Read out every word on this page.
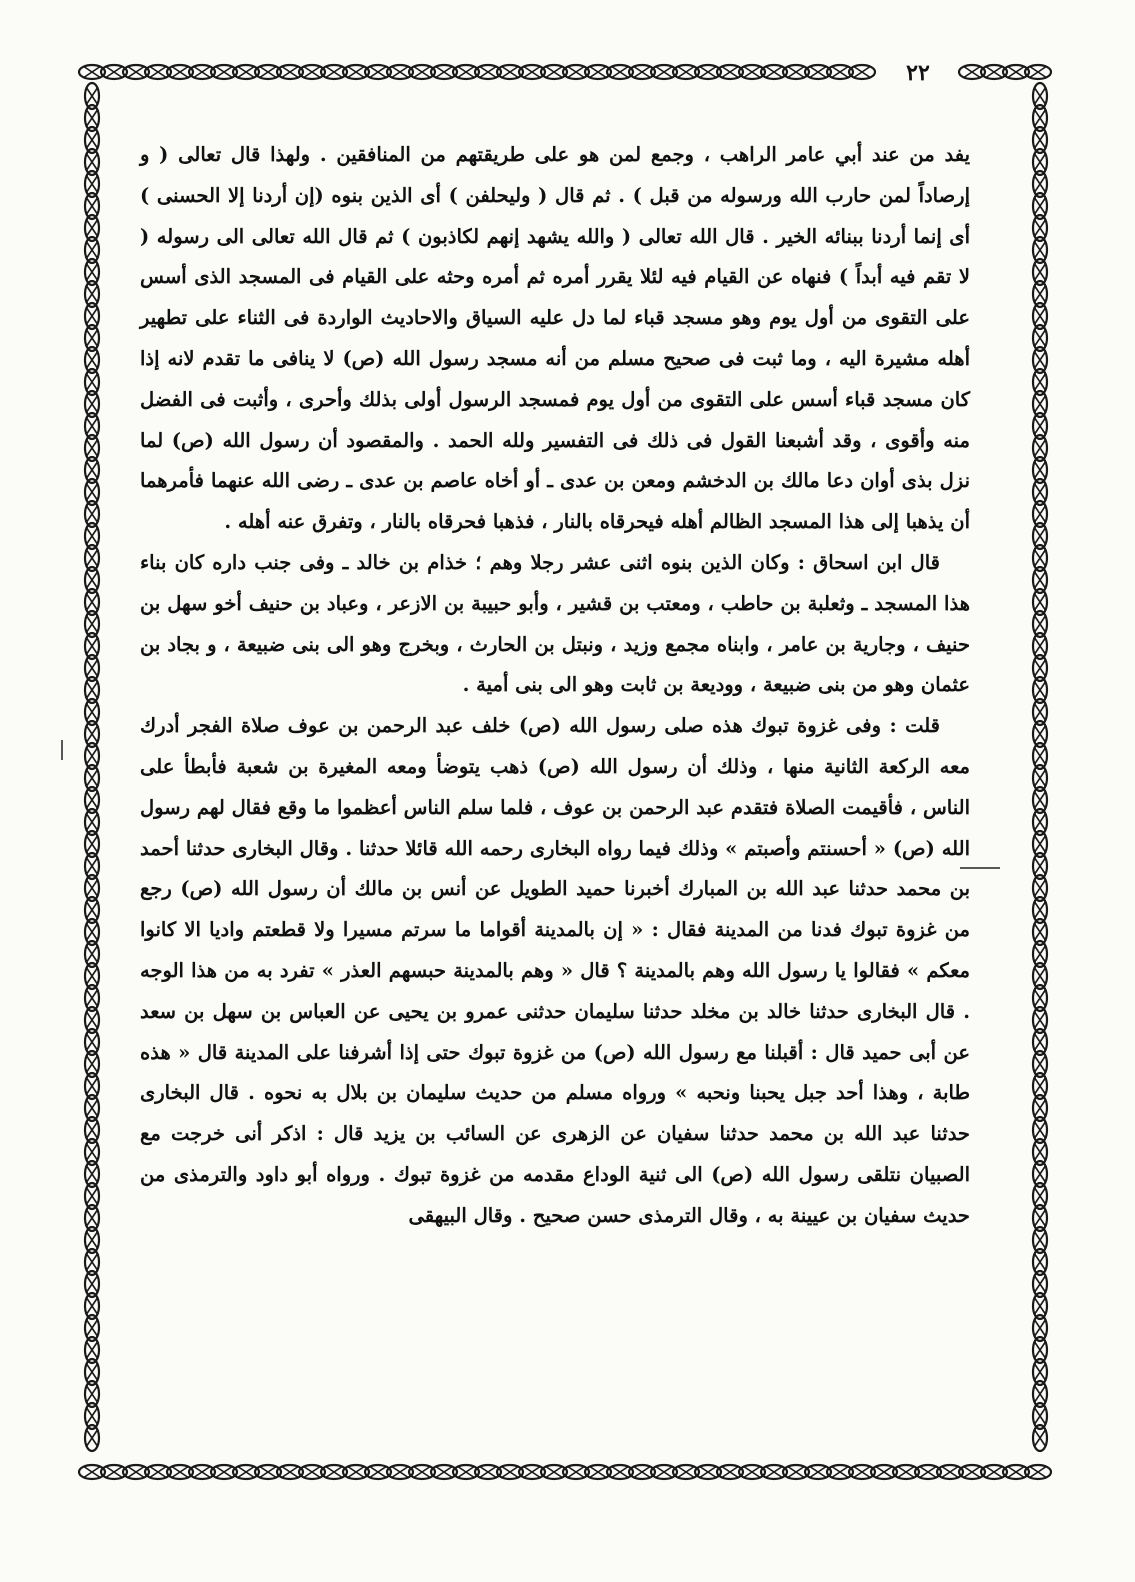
٢٢

يفد من عند أبي عامر الراهب ، وجمع لمن هو على طريقتهم من المنافقين . ولهذا قال تعالى ( و إرصاداً لمن حارب الله ورسوله من قبل ) . ثم قال ( وليحلفن ) أى الذين بنوه (إن أردنا إلا الحسنى ) أى إنما أردنا ببنائه الخير . قال الله تعالى ( والله يشهد إنهم لكاذبون ) ثم قال الله تعالى الى رسوله ( لا تقم فيه أبداً ) فنهاه عن القيام فيه لئلا يقرر أمره ثم أمره وحثه على القيام فى المسجد الذى أسس على التقوى من أول يوم وهو مسجد قباء لما دل عليه السياق والاحاديث الواردة فى الثناء على تطهير أهله مشيرة اليه ، وما ثبت فى صحيح مسلم من أنه مسجد رسول الله (ص) لا ينافى ما تقدم لانه إذا كان مسجد قباء أسس على التقوى من أول يوم فمسجد الرسول أولى بذلك وأحرى ، وأثبت فى الفضل منه وأقوى ، وقد أشبعنا القول فى ذلك فى التفسير ولله الحمد . والمقصود أن رسول الله (ص) لما نزل بذى أوان دعا مالك بن الدخشم ومعن بن عدى ـ أو أخاه عاصم بن عدى ـ رضى الله عنهما فأمرهما أن يذهبا إلى هذا المسجد الظالم أهله فيحرقاه بالنار ، فذهبا فحرقاه بالنار ، وتفرق عنه أهله .

قال ابن اسحاق : وكان الذين بنوه اثنى عشر رجلا وهم ؛ خذام بن خالد ـ وفى جنب داره كان بناء هذا المسجد ـ وثعلبة بن حاطب ، ومعتب بن قشير ، وأبو حبيبة بن الازعر ، وعباد بن حنيف أخو سهل بن حنيف ، وجارية بن عامر ، وابناه مجمع وزيد ، ونبتل بن الحارث ، وبخرج وهو الى بنى ضبيعة ، و بجاد بن عثمان وهو من بنى ضبيعة ، ووديعة بن ثابت وهو الى بنى أمية .

قلت : وفى غزوة تبوك هذه صلى رسول الله (ص) خلف عبد الرحمن بن عوف صلاة الفجر أدرك معه الركعة الثانية منها ، وذلك أن رسول الله (ص) ذهب يتوضأ ومعه المغيرة بن شعبة فأبطأ على الناس ، فأقيمت الصلاة فتقدم عبد الرحمن بن عوف ، فلما سلم الناس أعظموا ما وقع فقال لهم رسول الله (ص) « أحسنتم وأصبتم » وذلك فيما رواه البخارى رحمه الله قائلا حدثنا . وقال البخارى حدثنا أحمد بن محمد حدثنا عبد الله بن المبارك أخبرنا حميد الطويل عن أنس بن مالك أن رسول الله (ص) رجع من غزوة تبوك فدنا من المدينة فقال : « إن بالمدينة أقواما ما سرتم مسيرا ولا قطعتم واديا الا كانوا معكم » فقالوا يا رسول الله وهم بالمدينة ؟ قال « وهم بالمدينة حبسهم العذر » تفرد به من هذا الوجه . قال البخارى حدثنا خالد بن مخلد حدثنا سليمان حدثنى عمرو بن يحيى عن العباس بن سهل بن سعد عن أبى حميد قال : أقبلنا مع رسول الله (ص) من غزوة تبوك حتى إذا أشرفنا على المدينة قال « هذه طابة ، وهذا أحد جبل يحبنا ونحبه » ورواه مسلم من حديث سليمان بن بلال به نحوه . قال البخارى حدثنا عبد الله بن محمد حدثنا سفيان عن الزهرى عن السائب بن يزيد قال : اذكر أنى خرجت مع الصبيان نتلقى رسول الله (ص) الى ثنية الوداع مقدمه من غزوة تبوك . ورواه أبو داود والترمذى من حديث سفيان بن عيينة به ، وقال الترمذى حسن صحيح . وقال البيهقى
